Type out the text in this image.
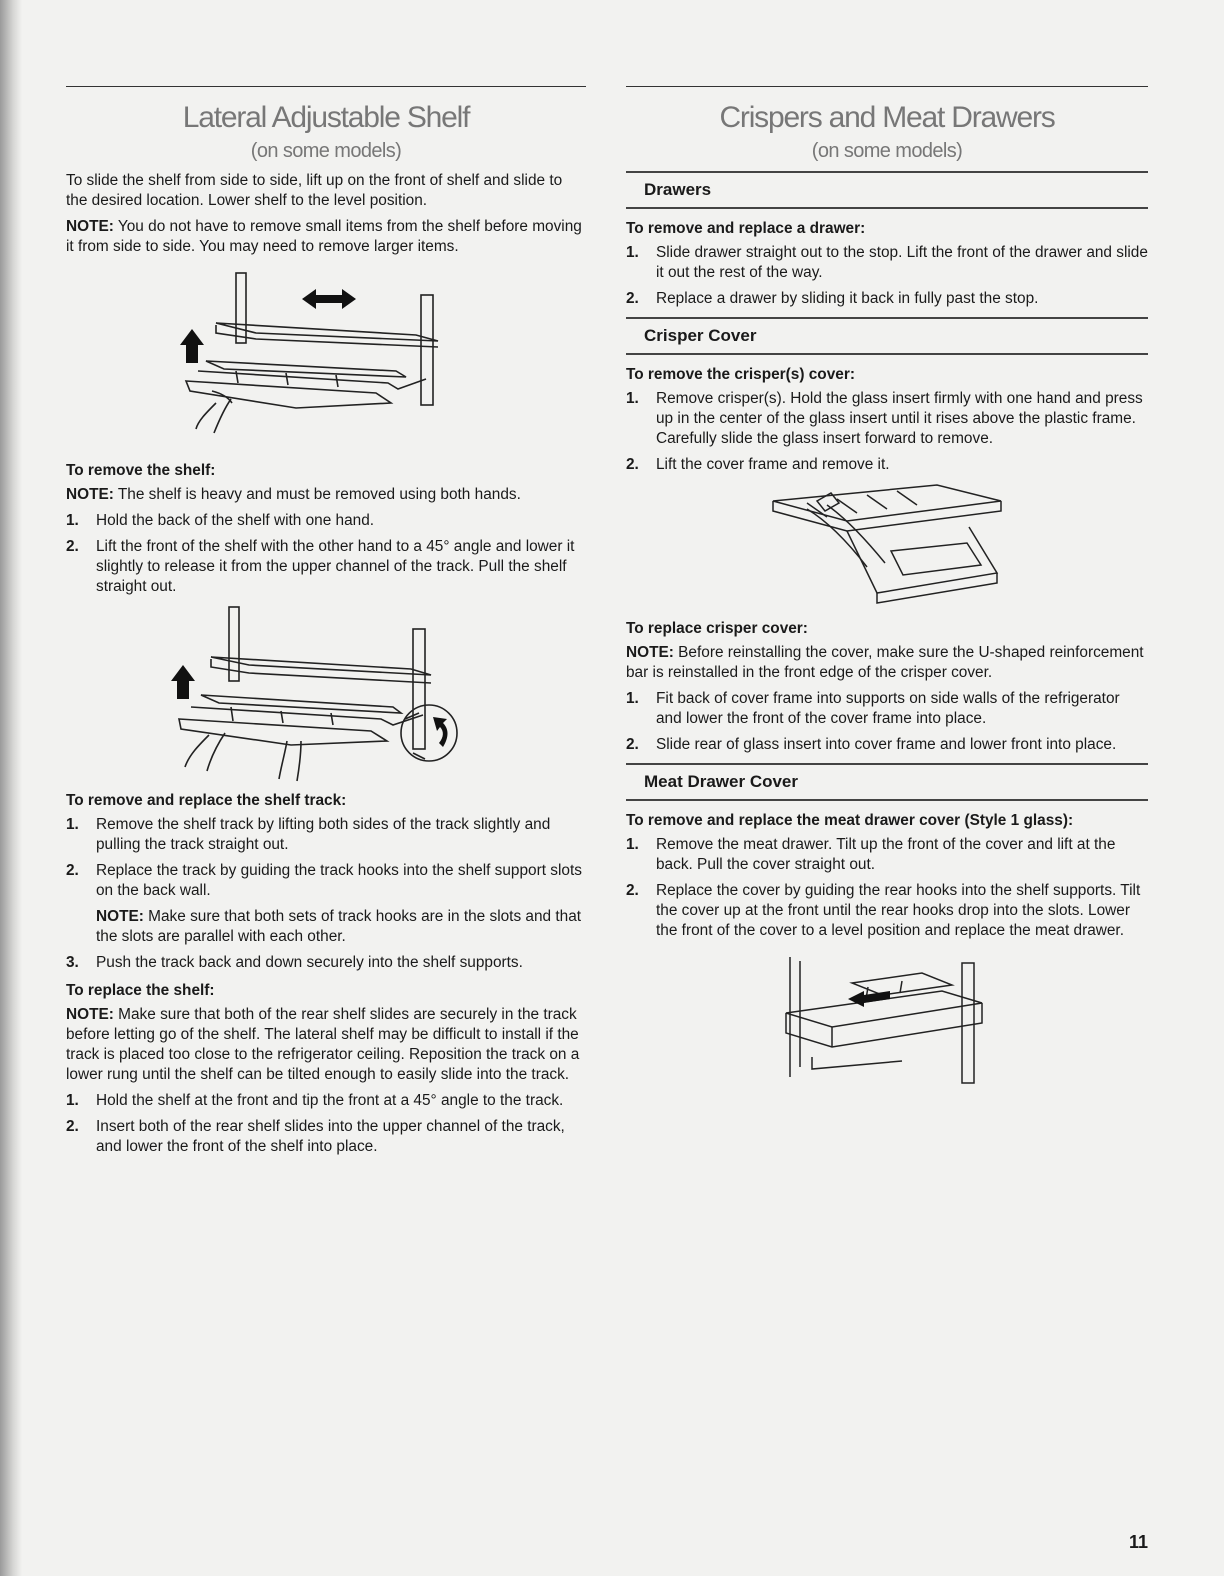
Lateral Adjustable Shelf
(on some models)

To slide the shelf from side to side, lift up on the front of shelf and slide to the desired location. Lower shelf to the level position.

NOTE: You do not have to remove small items from the shelf before moving it from side to side. You may need to remove larger items.

To remove the shelf:

NOTE: The shelf is heavy and must be removed using both hands.

1. Hold the back of the shelf with one hand.
2. Lift the front of the shelf with the other hand to a 45° angle and lower it slightly to release it from the upper channel of the track. Pull the shelf straight out.
To remove and replace the shelf track:
1. Remove the shelf track by lifting both sides of the track slightly and pulling the track straight out.
2. Replace the track by guiding the track hooks into the shelf support slots on the back wall.
NOTE: Make sure that both sets of track hooks are in the slots and that the slots are parallel with each other.
3. Push the track back and down securely into the shelf supports.
To replace the shelf:

NOTE: Make sure that both of the rear shelf slides are securely in the track before letting go of the shelf. The lateral shelf may be difficult to install if the track is placed too close to the refrigerator ceiling. Reposition the track on a lower rung until the shelf can be tilted enough to easily slide into the track.

1. Hold the shelf at the front and tip the front at a 45° angle to the track.
2. Insert both of the rear shelf slides into the upper channel of the track, and lower the front of the shelf into place.
Crispers and Meat Drawers
(on some models)
Drawers
To remove and replace a drawer:
1. Slide drawer straight out to the stop. Lift the front of the drawer and slide it out the rest of the way.
2. Replace a drawer by sliding it back in fully past the stop.
Crisper Cover
To remove the crisper(s) cover:
1. Remove crisper(s). Hold the glass insert firmly with one hand and press up in the center of the glass insert until it rises above the plastic frame. Carefully slide the glass insert forward to remove.
2. Lift the cover frame and remove it.
To replace crisper cover:

NOTE: Before reinstalling the cover, make sure the U-shaped reinforcement bar is reinstalled in the front edge of the crisper cover.

1. Fit back of cover frame into supports on side walls of the refrigerator and lower the front of the cover frame into place.
2. Slide rear of glass insert into cover frame and lower front into place.
Meat Drawer Cover
To remove and replace the meat drawer cover (Style 1 glass):
1. Remove the meat drawer. Tilt up the front of the cover and lift at the back. Pull the cover straight out.
2. Replace the cover by guiding the rear hooks into the shelf supports. Tilt the cover up at the front until the rear hooks drop into the slots. Lower the front of the cover to a level position and replace the meat drawer.
11
